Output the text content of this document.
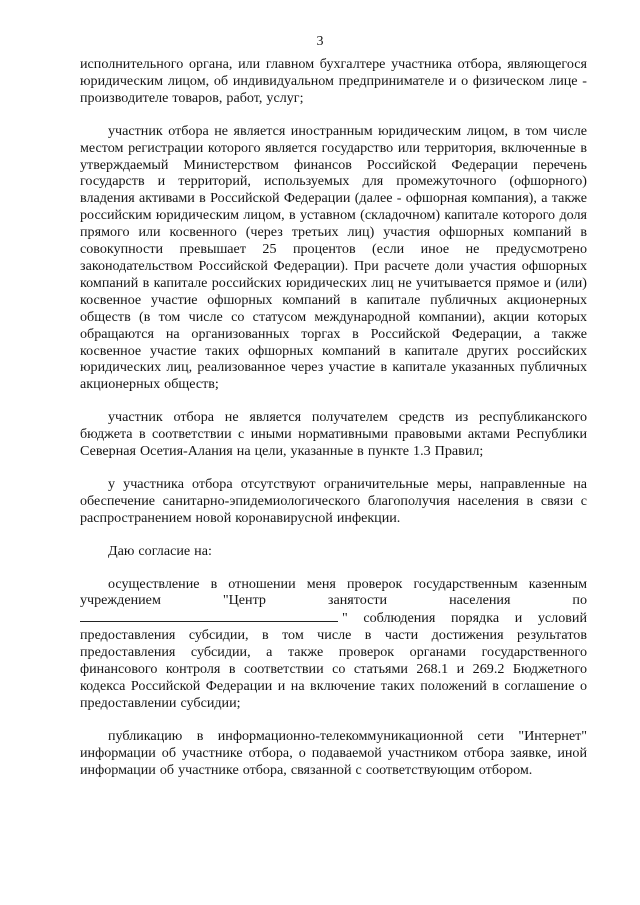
3

исполнительного органа, или главном бухгалтере участника отбора, являющегося юридическим лицом, об индивидуальном предпринимателе и о физическом лице - производителе товаров, работ, услуг;

участник отбора не является иностранным юридическим лицом, в том числе местом регистрации которого является государство или территория, включенные в утверждаемый Министерством финансов Российской Федерации перечень государств и территорий, используемых для промежуточного (офшорного) владения активами в Российской Федерации (далее - офшорная компания), а также российским юридическим лицом, в уставном (складочном) капитале которого доля прямого или косвенного (через третьих лиц) участия офшорных компаний в совокупности превышает 25 процентов (если иное не предусмотрено законодательством Российской Федерации). При расчете доли участия офшорных компаний в капитале российских юридических лиц не учитывается прямое и (или) косвенное участие офшорных компаний в капитале публичных акционерных обществ (в том числе со статусом международной компании), акции которых обращаются на организованных торгах в Российской Федерации, а также косвенное участие таких офшорных компаний в капитале других российских юридических лиц, реализованное через участие в капитале указанных публичных акционерных обществ;

участник отбора не является получателем средств из республиканского бюджета в соответствии с иными нормативными правовыми актами Республики Северная Осетия-Алания на цели, указанные в пункте 1.3 Правил;

у участника отбора отсутствуют ограничительные меры, направленные на обеспечение санитарно-эпидемиологического благополучия населения в связи с распространением новой коронавирусной инфекции.

Даю согласие на:

осуществление в отношении меня проверок государственным казенным учреждением "Центр занятости населения по " соблюдения порядка и условий предоставления субсидии, в том числе в части достижения результатов предоставления субсидии, а также проверок органами государственного финансового контроля в соответствии со статьями 268.1 и 269.2 Бюджетного кодекса Российской Федерации и на включение таких положений в соглашение о предоставлении субсидии;

публикацию в информационно-телекоммуникационной сети "Интернет" информации об участнике отбора, о подаваемой участником отбора заявке, иной информации об участнике отбора, связанной с соответствующим отбором.
